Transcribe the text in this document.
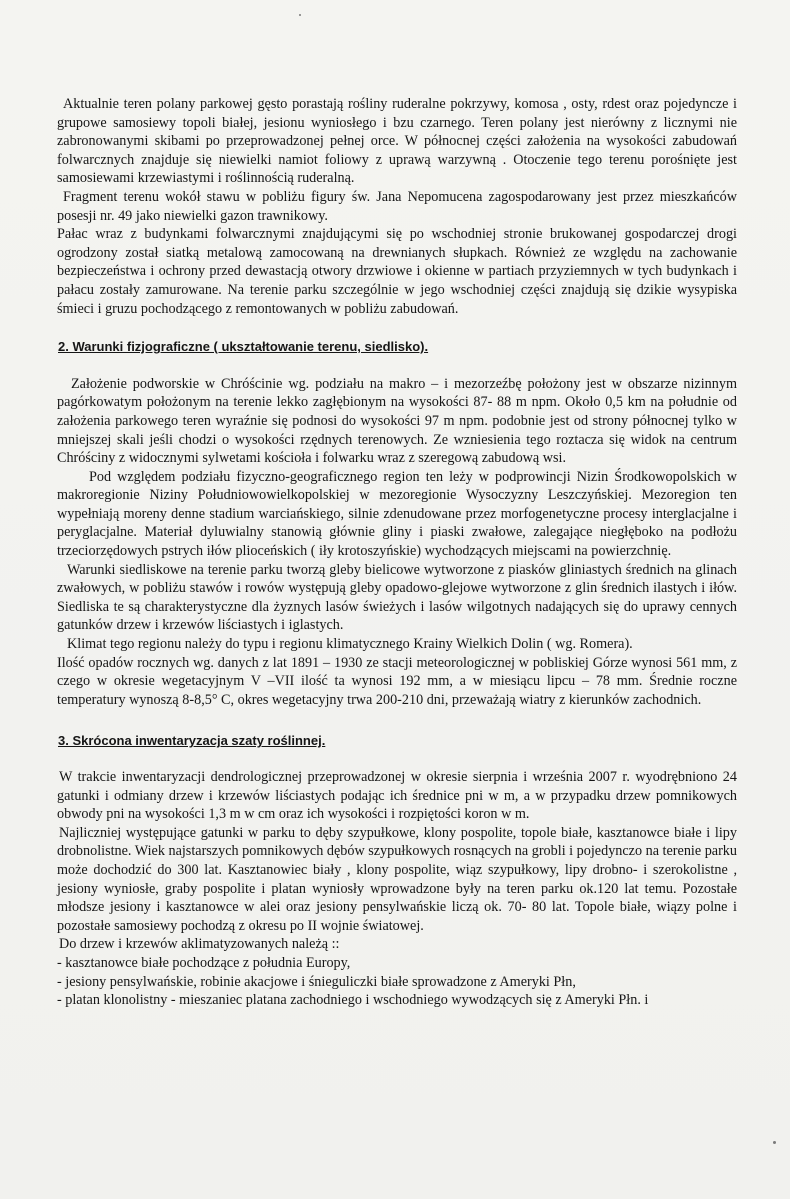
Aktualnie teren polany parkowej gęsto porastają rośliny ruderalne pokrzywy, komosa , osty, rdest oraz pojedyncze i grupowe samosiewy topoli białej, jesionu wyniosłego i bzu czarnego. Teren polany jest nierówny z licznymi nie zabronowanymi skibami po przeprowadzonej pełnej orce. W północnej części założenia na wysokości zabudowań folwarcznych znajduje się niewielki namiot foliowy z uprawą warzywną . Otoczenie tego terenu porośnięte jest samosiewami krzewiastymi i roślinnością ruderalną.

Fragment terenu wokół stawu w pobliżu figury św. Jana Nepomucena zagospodarowany jest przez mieszkańców posesji nr. 49 jako niewielki gazon trawnikowy.

Pałac wraz z budynkami folwarcznymi znajdującymi się po wschodniej stronie brukowanej gospodarczej drogi ogrodzony został siatką metalową zamocowaną na drewnianych słupkach. Również ze względu na zachowanie bezpieczeństwa i ochrony przed dewastacją otwory drzwiowe i okienne w partiach przyziemnych w tych budynkach i pałacu zostały zamurowane. Na terenie parku szczególnie w jego wschodniej części znajdują się dzikie wysypiska śmieci i gruzu pochodzącego z remontowanych w pobliżu zabudowań.

2. Warunki fizjograficzne ( ukształtowanie terenu, siedlisko).

Założenie podworskie w Chróścinie wg. podziału na makro – i mezorzeźbę położony jest w obszarze nizinnym pagórkowatym położonym na terenie lekko zagłębionym na wysokości 87- 88 m npm. Około 0,5 km na południe od założenia parkowego teren wyraźnie się podnosi do wysokości 97 m npm. podobnie jest od strony północnej tylko w mniejszej skali jeśli chodzi o wysokości rzędnych terenowych. Ze wzniesienia tego roztacza się widok na centrum Chróściny z widocznymi sylwetami kościoła i folwarku wraz z szeregową zabudową wsi.

Pod względem podziału fizyczno-geograficznego region ten leży w podprowincji Nizin Środkowopolskich w makroregionie Niziny Południowowielkopolskiej w mezoregionie Wysoczyzny Leszczyńskiej. Mezoregion ten wypełniają moreny denne stadium warciańskiego, silnie zdenudowane przez morfogenetyczne procesy interglacjalne i peryglacjalne. Materiał dyluwialny stanowią głównie gliny i piaski zwałowe, zalegające niegłęboko na podłożu trzeciorzędowych pstrych iłów plioceńskich ( iły krotoszyńskie) wychodzących miejscami na powierzchnię.

Warunki siedliskowe na terenie parku tworzą gleby bielicowe wytworzone z piasków gliniastych średnich na glinach zwałowych, w pobliżu stawów i rowów występują gleby opadowo-glejowe wytworzone z glin średnich ilastych i iłów. Siedliska te są charakterystyczne dla żyznych lasów świeżych i lasów wilgotnych nadających się do uprawy cennych gatunków drzew i krzewów liściastych i iglastych.

Klimat tego regionu należy do typu i regionu klimatycznego Krainy Wielkich Dolin ( wg. Romera).

Ilość opadów rocznych wg. danych z lat 1891 – 1930 ze stacji meteorologicznej w pobliskiej Górze wynosi 561 mm, z czego w okresie wegetacyjnym V –VII ilość ta wynosi 192 mm, a w miesiącu lipcu – 78 mm. Średnie roczne temperatury wynoszą 8-8,5° C, okres wegetacyjny trwa 200-210 dni, przeważają wiatry z kierunków zachodnich.

3. Skrócona inwentaryzacja szaty roślinnej.

W trakcie inwentaryzacji dendrologicznej przeprowadzonej w okresie sierpnia i września 2007 r. wyodrębniono 24 gatunki i odmiany drzew i krzewów liściastych podając ich średnice pni w m, a w przypadku drzew pomnikowych obwody pni na wysokości 1,3 m w cm oraz ich wysokości i rozpiętości koron w m.

Najliczniej występujące gatunki w parku to dęby szypułkowe, klony pospolite, topole białe, kasztanowce białe i lipy drobnolistne. Wiek najstarszych pomnikowych dębów szypułkowych rosnących na grobli i pojedynczo na terenie parku może dochodzić do 300 lat. Kasztanowiec biały , klony pospolite, wiąz szypułkowy, lipy drobno- i szerokolistne , jesiony wyniosłe, graby pospolite i platan wyniosły wprowadzone były na teren parku ok.120 lat temu. Pozostałe młodsze jesiony i kasztanowce w alei oraz jesiony pensylwańskie liczą ok. 70- 80 lat. Topole białe, wiązy polne i pozostałe samosiewy pochodzą z okresu po II wojnie światowej.

Do drzew i krzewów aklimatyzowanych należą ::

- kasztanowce białe pochodzące z południa Europy,

- jesiony pensylwańskie, robinie akacjowe i śnieguliczki białe sprowadzone z Ameryki Płn,

- platan klonolistny - mieszaniec platana zachodniego i wschodniego wywodzących się z Ameryki Płn. i
